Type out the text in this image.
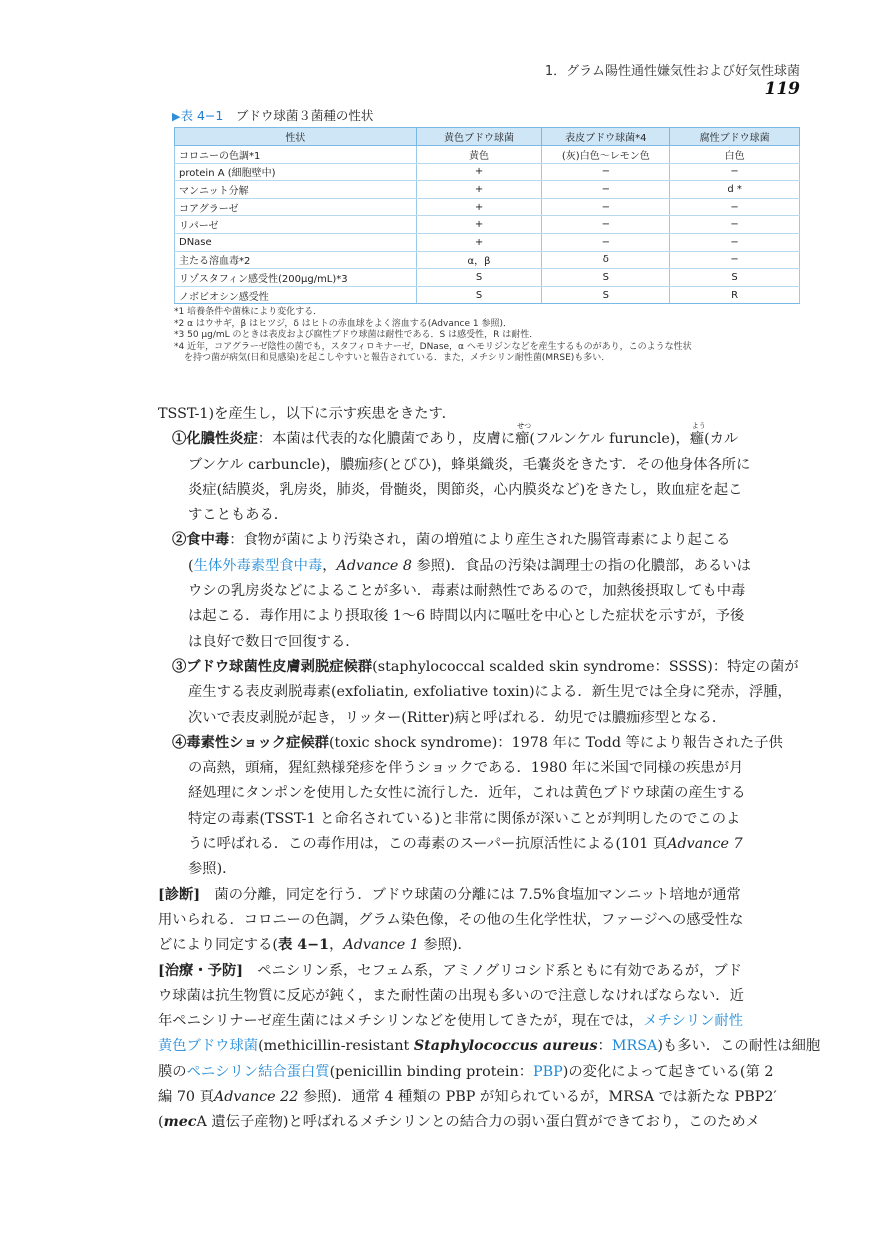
1．グラム陽性通性嫌気性および好気性球菌119
▶表 4−1　 ブドウ球菌３菌種の性状
性状	黄色ブドウ球菌	表皮ブドウ球菌*4	腐性ブドウ球菌
コロニーの色調*1	黄色	(灰)白色〜レモン色	白色
protein A (細胞壁中)	+	−	−
マンニット分解	+	−	d *
コアグラーゼ	+	−	−
リパーゼ	+	−	−
DNase	+	−	−
主たる溶血毒*2	α，β	δ	−
リゾスタフィン感受性(200μg/mL)*3	S	S	S
ノボビオシン感受性	S	S	R
*1 培養条件や菌株により変化する．
*2 α はウサギ，β はヒツジ，δ はヒトの赤血球をよく溶血する(Advance 1 参照)．
*3 50 μg/mL のときは表皮および腐性ブドウ球菌は耐性である．S は感受性，R は耐性．
*4 近年，コアグラーゼ陰性の菌でも，スタフィロキナーゼ，DNase，α ヘモリジンなどを産生するものがあり，このような性状
を持つ菌が病気(日和見感染)を起こしやすいと報告されている．また，メチシリン耐性菌(MRSE)も多い．
TSST-1)を産生し，以下に示す疾患をきたす．
①化膿性炎症：本菌は代表的な化膿菌であり，皮膚に
せつ
癤(フルンケル furuncle)，
よう
癰(カル
ブンケル carbuncle)，膿痂疹(とびひ)，蜂巣織炎，毛嚢炎をきたす．その他身体各所に
炎症(結膜炎，乳房炎，肺炎，骨髄炎，関節炎，心内膜炎など)をきたし，敗血症を起こ
すこともある．
②食中毒：食物が菌により汚染され，菌の増殖により産生された腸管毒素により起こる
(生体外毒素型食中毒，Advance 8 参照)．食品の汚染は調理士の指の化膿部，あるいは
ウシの乳房炎などによることが多い．毒素は耐熱性であるので，加熱後摂取しても中毒
は起こる．毒作用により摂取後 1〜6 時間以内に嘔吐を中心とした症状を示すが，予後
は良好で数日で回復する．
③ブドウ球菌性皮膚剥脱症候群(staphylococcal scalded skin syndrome：SSSS)：特定の菌が
産生する表皮剥脱毒素(exfoliatin, exfoliative toxin)による．新生児では全身に発赤，浮腫，
次いで表皮剥脱が起き，リッター(Ritter)病と呼ばれる．幼児では膿痂疹型となる．
④毒素性ショック症候群(toxic shock syndrome)：1978 年に Todd 等により報告された子供
の高熱，頭痛，猩紅熱様発疹を伴うショックである．1980 年に米国で同様の疾患が月
経処理にタンポンを使用した女性に流行した．近年，これは黄色ブドウ球菌の産生する
特定の毒素(TSST-1 と命名されている)と非常に関係が深いことが判明したのでこのよ
うに呼ばれる．この毒作用は，この毒素のスーパー抗原活性による(101 頁Advance 7
参照)．
[診断]　菌の分離，同定を行う．ブドウ球菌の分離には 7.5%食塩加マンニット培地が通常
用いられる．コロニーの色調，グラム染色像，その他の生化学性状，ファージへの感受性な
どにより同定する(表 4−1，Advance 1 参照)．
[治療・予防]　ペニシリン系，セフェム系，アミノグリコシド系ともに有効であるが，ブド
ウ球菌は抗生物質に反応が鈍く，また耐性菌の出現も多いので注意しなければならない．近
年ペニシリナーゼ産生菌にはメチシリンなどを使用してきたが，現在では，メチシリン耐性
黄色ブドウ球菌(methicillin-resistant Staphylococcus aureus：MRSA)も多い．この耐性は細胞
膜のペニシリン結合蛋白質(penicillin binding protein：PBP)の変化によって起きている(第 2
編 70 頁Advance 22 参照)．通常 4 種類の PBP が知られているが，MRSA では新たな PBP2′
(mecA 遺伝子産物)と呼ばれるメチシリンとの結合力の弱い蛋白質ができており，このためメ
